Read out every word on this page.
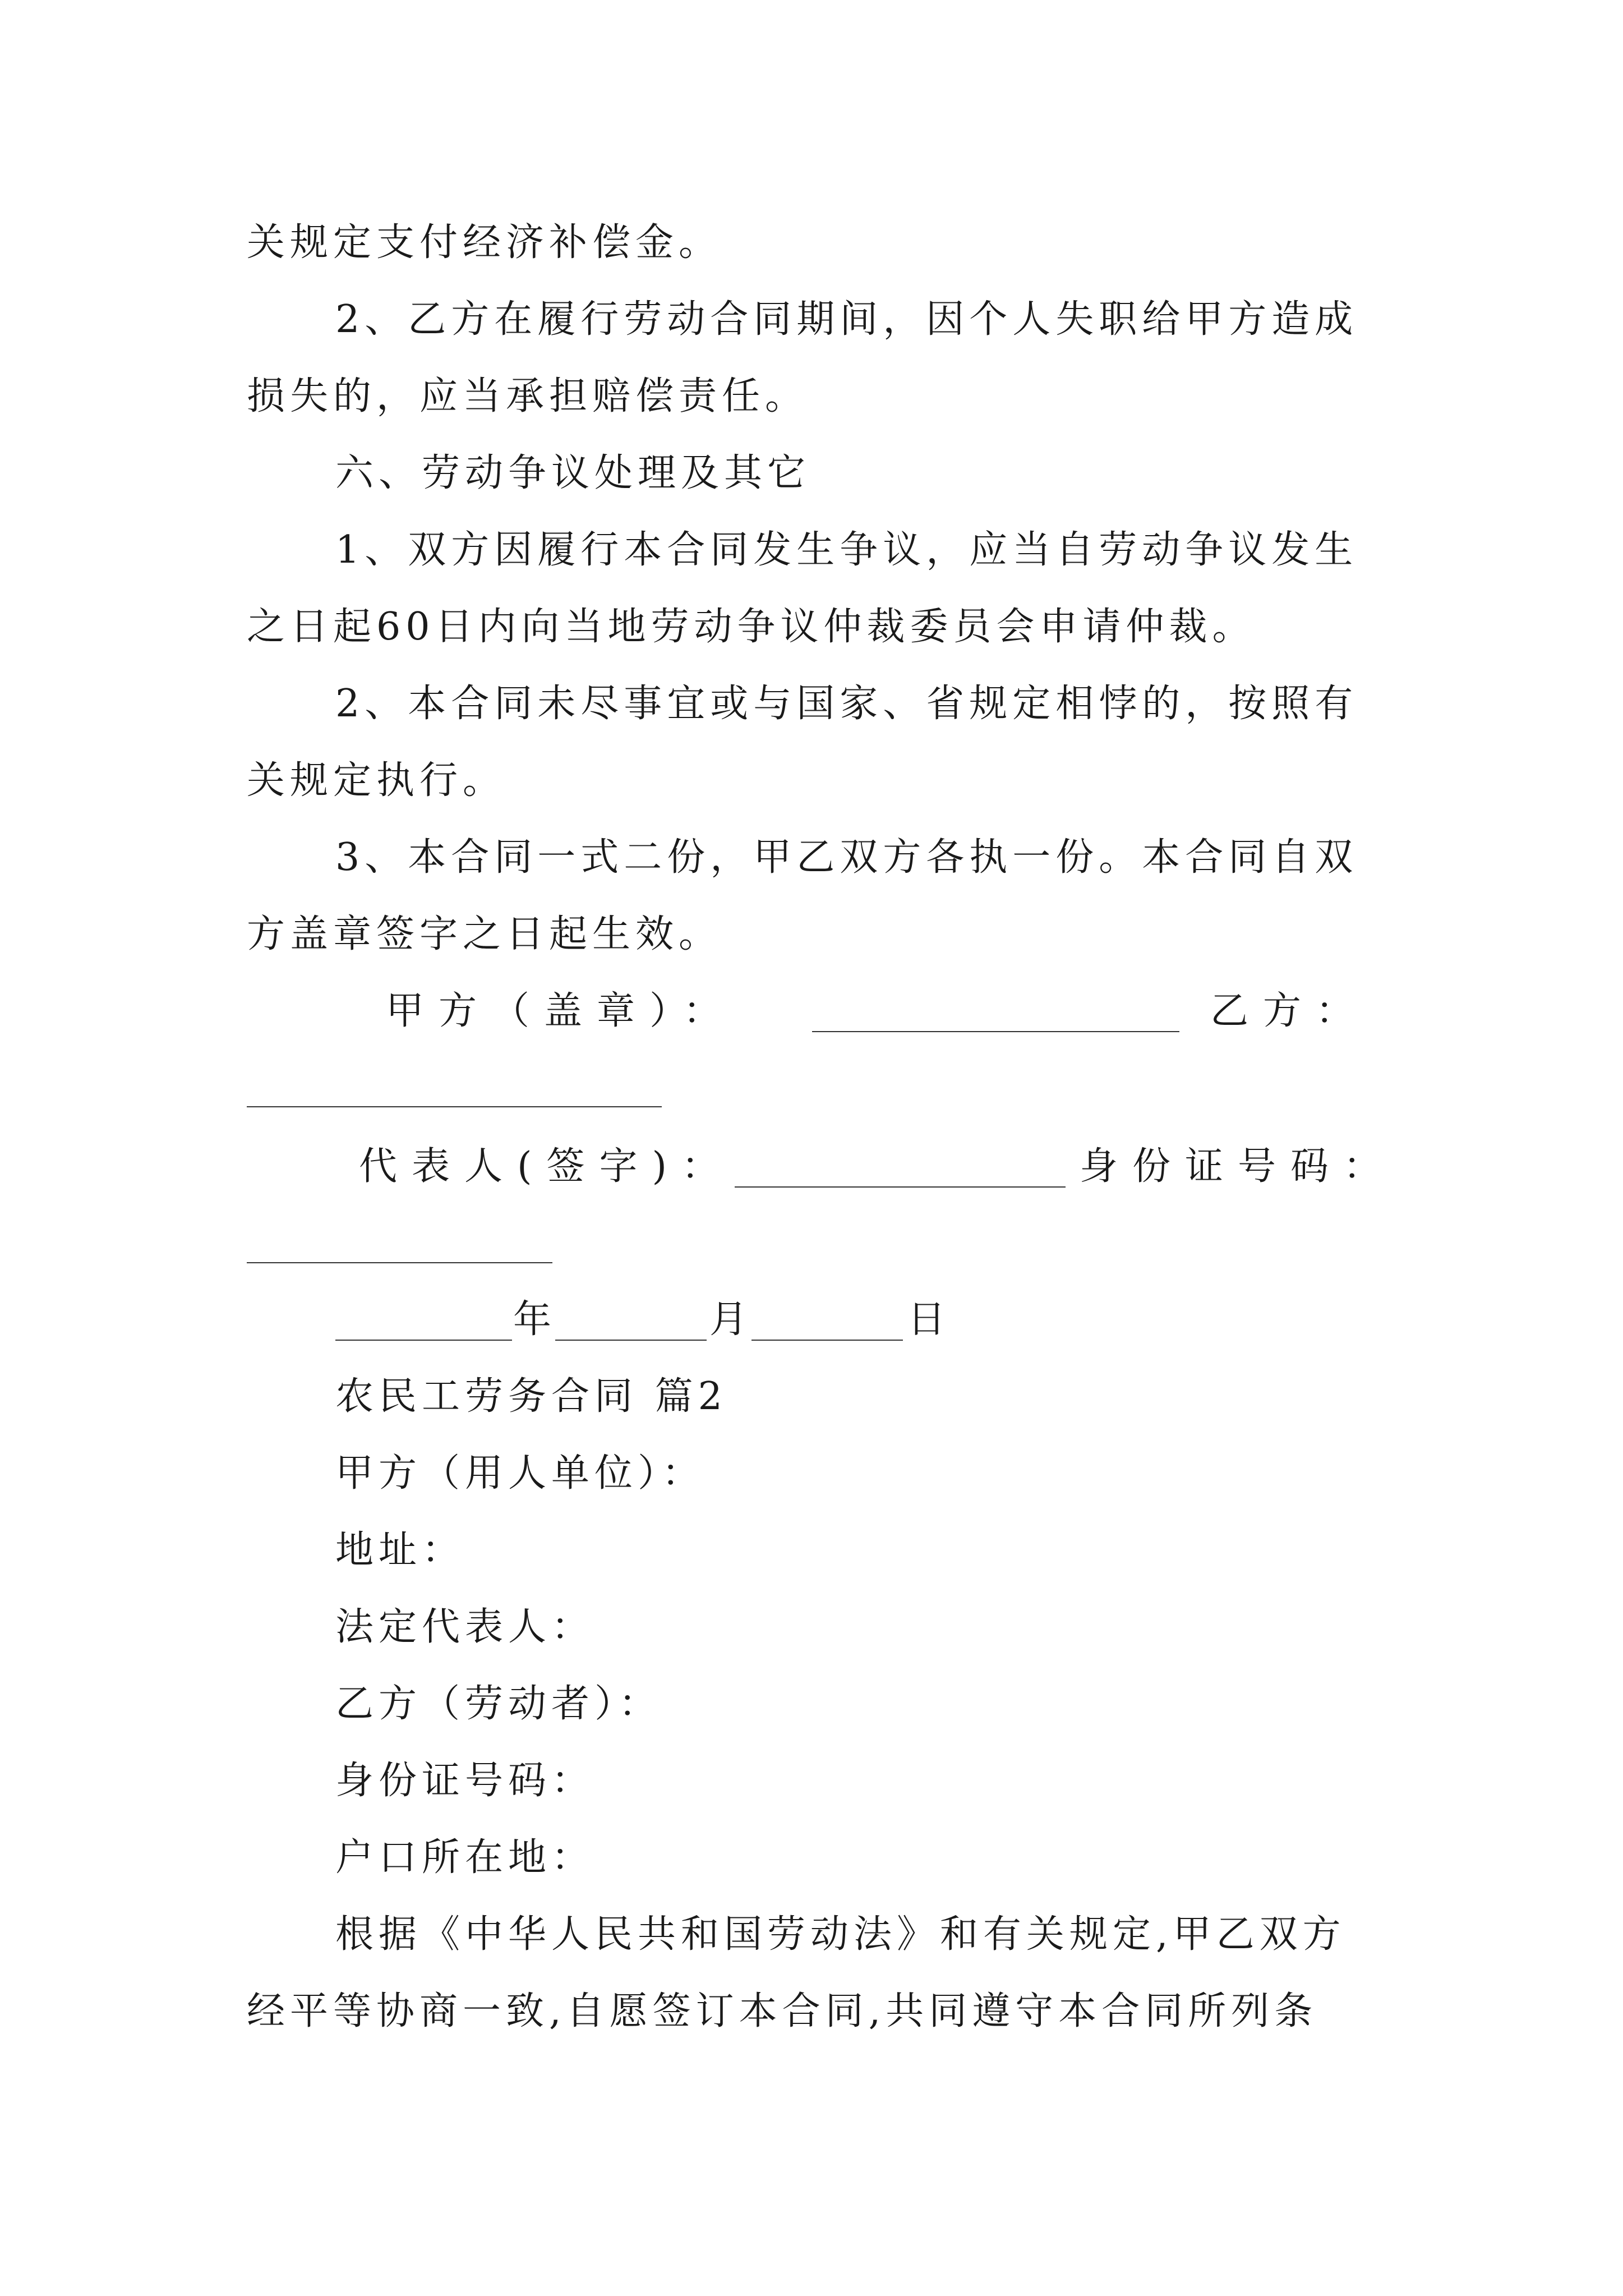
关规定支付经济补偿金。
2、乙方在履行劳动合同期间，因个人失职给甲方造成
损失的，应当承担赔偿责任。
六、劳动争议处理及其它
1、双方因履行本合同发生争议，应当自劳动争议发生
之日起60日内向当地劳动争议仲裁委员会申请仲裁。
2、本合同未尽事宜或与国家、省规定相悖的，按照有
关规定执行。
3、本合同一式二份，甲乙双方各执一份。本合同自双
方盖章签字之日起生效。
甲方（盖章）：	乙方：
代表人(签字)：	身份证号码：
年	月	日
农民工劳务合同 篇2
甲方（用人单位）：
地址：
法定代表人：
乙方（劳动者）：
身份证号码：
户口所在地：
根据《中华人民共和国劳动法》和有关规定,甲乙双方
经平等协商一致,自愿签订本合同,共同遵守本合同所列条
